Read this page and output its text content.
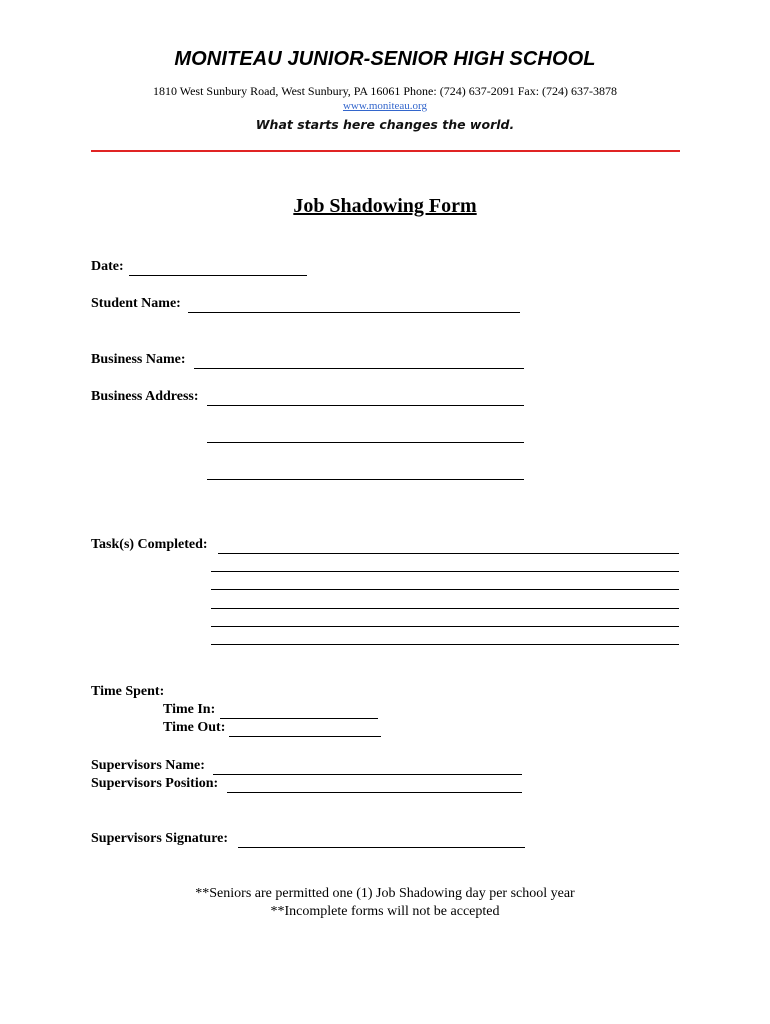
MONITEAU JUNIOR-SENIOR HIGH SCHOOL
1810 West Sunbury Road, West Sunbury, PA 16061 Phone: (724) 637-2091 Fax: (724) 637-3878
www.moniteau.org
What starts here changes the world.
Job Shadowing Form
Date:
Student Name:
Business Name:
Business Address:
Task(s) Completed:
Time Spent:
Time In:
Time Out:
Supervisors Name:
Supervisors Position:
Supervisors Signature:
**Seniors are permitted one (1) Job Shadowing day per school year
**Incomplete forms will not be accepted
